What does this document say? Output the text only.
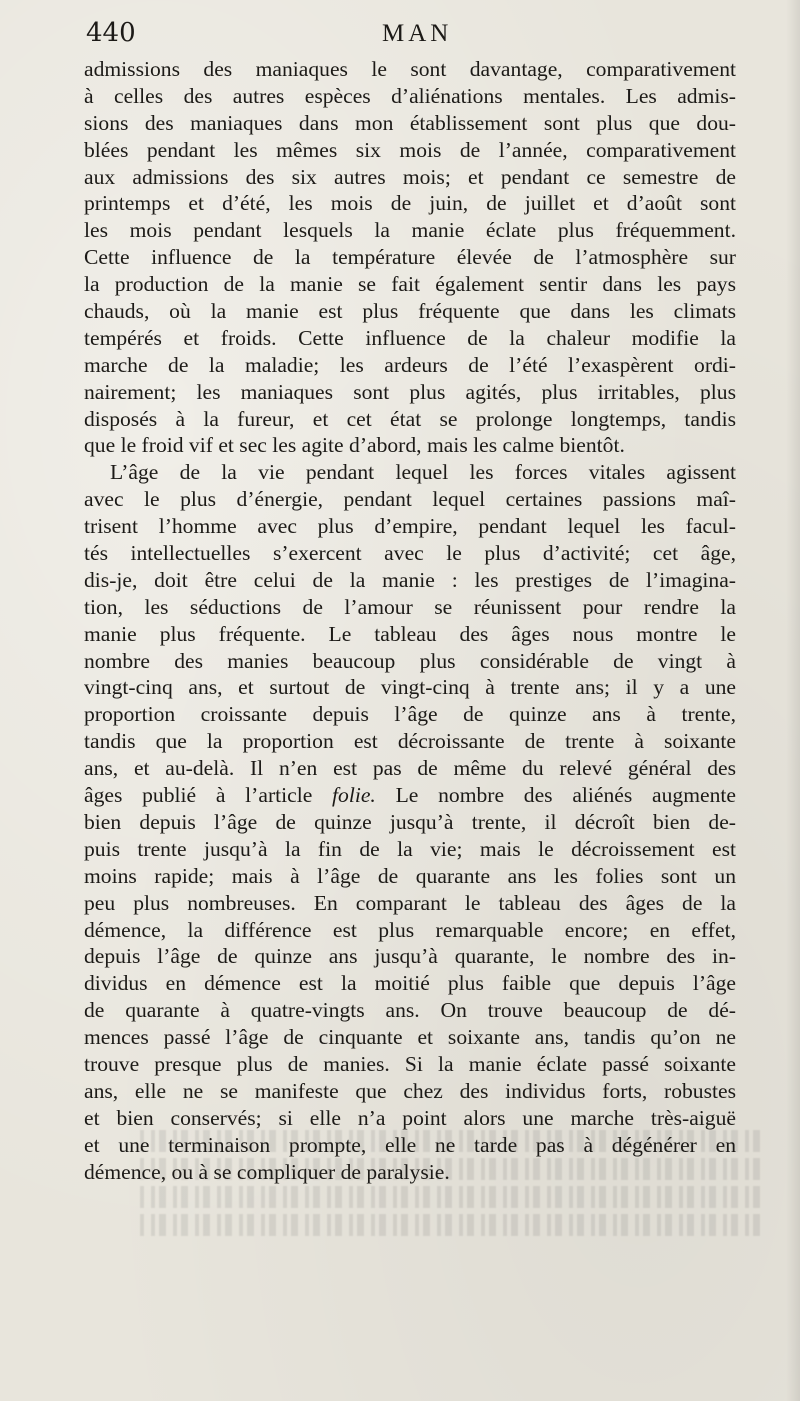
440	MAN
admissions des maniaques le sont davantage, comparativement
à celles des autres espèces d’aliénations mentales. Les admis-
sions des maniaques dans mon établissement sont plus que dou-
blées pendant les mêmes six mois de l’année, comparativement
aux admissions des six autres mois; et pendant ce semestre de
printemps et d’été, les mois de juin, de juillet et d’août sont
les mois pendant lesquels la manie éclate plus fréquemment.
Cette influence de la température élevée de l’atmosphère sur
la production de la manie se fait également sentir dans les pays
chauds, où la manie est plus fréquente que dans les climats
tempérés et froids. Cette influence de la chaleur modifie la
marche de la maladie; les ardeurs de l’été l’exaspèrent ordi-
nairement; les maniaques sont plus agités, plus irritables, plus
disposés à la fureur, et cet état se prolonge longtemps, tandis
que le froid vif et sec les agite d’abord, mais les calme bientôt.
L’âge de la vie pendant lequel les forces vitales agissent
avec le plus d’énergie, pendant lequel certaines passions maî-
trisent l’homme avec plus d’empire, pendant lequel les facul-
tés intellectuelles s’exercent avec le plus d’activité; cet âge,
dis-je, doit être celui de la manie : les prestiges de l’imagina-
tion, les séductions de l’amour se réunissent pour rendre la
manie plus fréquente. Le tableau des âges nous montre le
nombre des manies beaucoup plus considérable de vingt à
vingt-cinq ans, et surtout de vingt-cinq à trente ans; il y a une
proportion croissante depuis l’âge de quinze ans à trente,
tandis que la proportion est décroissante de trente à soixante
ans, et au-delà. Il n’en est pas de même du relevé général des
âges publié à l’article folie. Le nombre des aliénés augmente
bien depuis l’âge de quinze jusqu’à trente, il décroît bien de-
puis trente jusqu’à la fin de la vie; mais le décroissement est
moins rapide; mais à l’âge de quarante ans les folies sont un
peu plus nombreuses. En comparant le tableau des âges de la
démence, la différence est plus remarquable encore; en effet,
depuis l’âge de quinze ans jusqu’à quarante, le nombre des in-
dividus en démence est la moitié plus faible que depuis l’âge
de quarante à quatre-vingts ans. On trouve beaucoup de dé-
mences passé l’âge de cinquante et soixante ans, tandis qu’on ne
trouve presque plus de manies. Si la manie éclate passé soixante
ans, elle ne se manifeste que chez des individus forts, robustes
et bien conservés; si elle n’a point alors une marche très-aiguë
et une terminaison prompte, elle ne tarde pas à dégénérer en
démence, ou à se compliquer de paralysie.
